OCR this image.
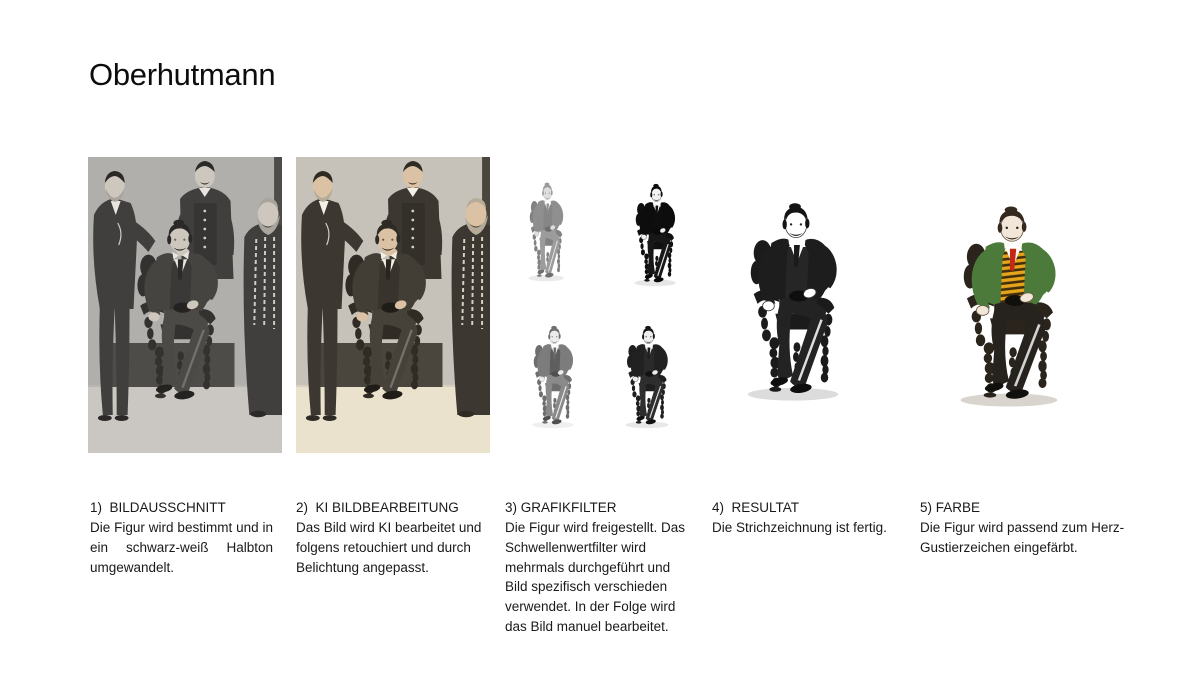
Oberhutmann
1)  BILDAUSSCHNITT

Die Figur wird bestimmt und in ein schwarz-weiß Halbton umgewandelt.

2)  KI BILDBEARBEITUNG

Das Bild wird KI bearbeitet und folgens retouchiert und durch Belichtung angepasst.

3) GRAFIKFILTER

Die Figur wird freigestellt. Das Schwellenwertfilter wird mehrmals durchgeführt und Bild spezifisch verschieden verwendet. In der Folge wird das Bild manuel bearbeitet.

4)  RESULTAT

Die Strichzeichnung ist fertig.

5) FARBE

Die Figur wird passend zum Herz-Gustierzeichen eingefärbt.
